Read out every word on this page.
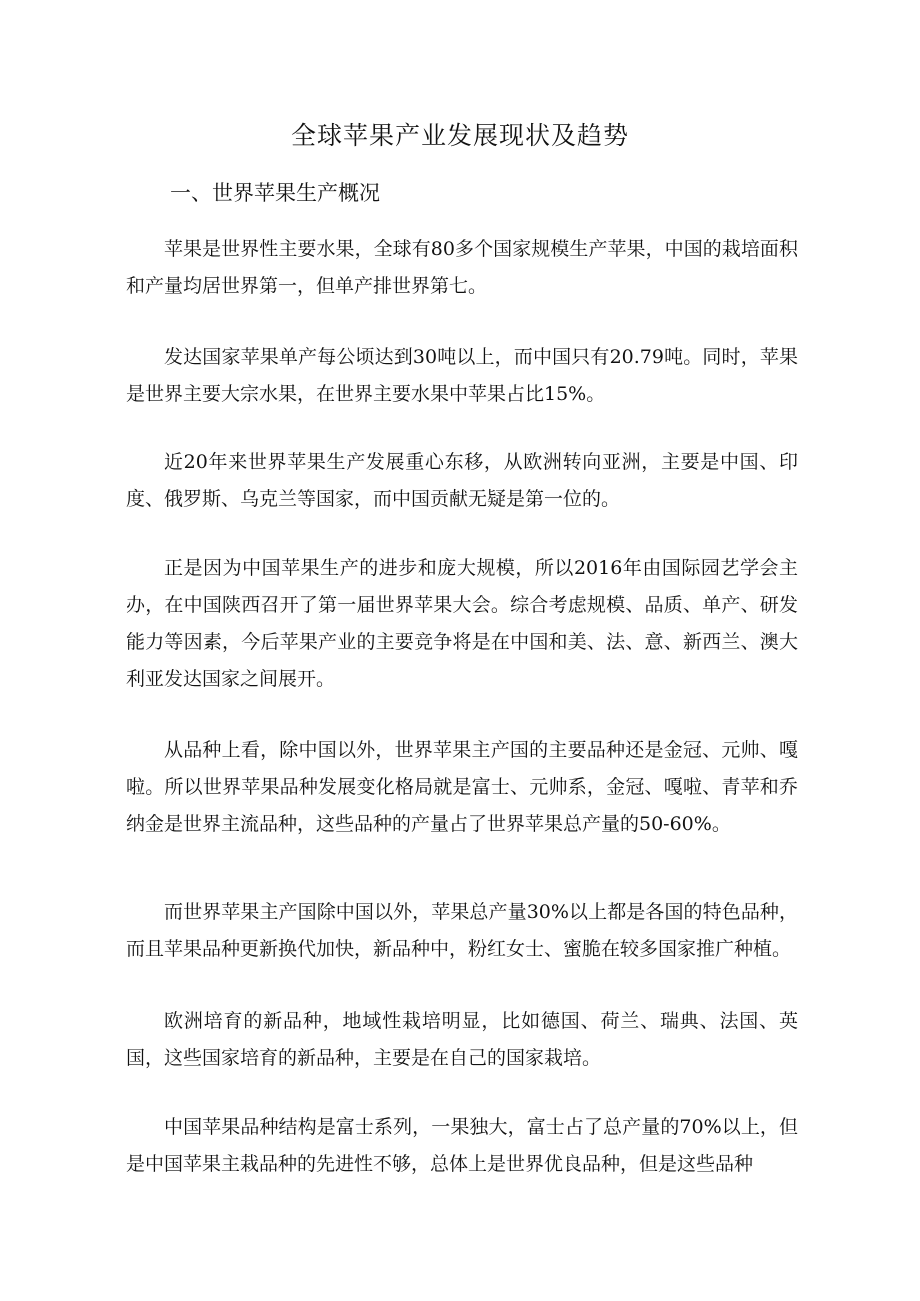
全球苹果产业发展现状及趋势
一、世界苹果生产概况

苹果是世界性主要水果，全球有80多个国家规模生产苹果，中国的栽培面积和产量均居世界第一，但单产排世界第七。

发达国家苹果单产每公顷达到30吨以上，而中国只有20.79吨。同时，苹果是世界主要大宗水果，在世界主要水果中苹果占比15%。

近20年来世界苹果生产发展重心东移，从欧洲转向亚洲，主要是中国、印度、俄罗斯、乌克兰等国家，而中国贡献无疑是第一位的。

正是因为中国苹果生产的进步和庞大规模，所以2016年由国际园艺学会主办，在中国陕西召开了第一届世界苹果大会。综合考虑规模、品质、单产、研发能力等因素，今后苹果产业的主要竞争将是在中国和美、法、意、新西兰、澳大利亚发达国家之间展开。

从品种上看，除中国以外，世界苹果主产国的主要品种还是金冠、元帅、嘎啦。所以世界苹果品种发展变化格局就是富士、元帅系，金冠、嘎啦、青苹和乔纳金是世界主流品种，这些品种的产量占了世界苹果总产量的50-60%。

而世界苹果主产国除中国以外，苹果总产量30%以上都是各国的特色品种，而且苹果品种更新换代加快，新品种中，粉红女士、蜜脆在较多国家推广种植。

欧洲培育的新品种，地域性栽培明显，比如德国、荷兰、瑞典、法国、英国，这些国家培育的新品种，主要是在自己的国家栽培。

中国苹果品种结构是富士系列，一果独大，富士占了总产量的70%以上，但是中国苹果主栽品种的先进性不够，总体上是世界优良品种，但是这些品种
